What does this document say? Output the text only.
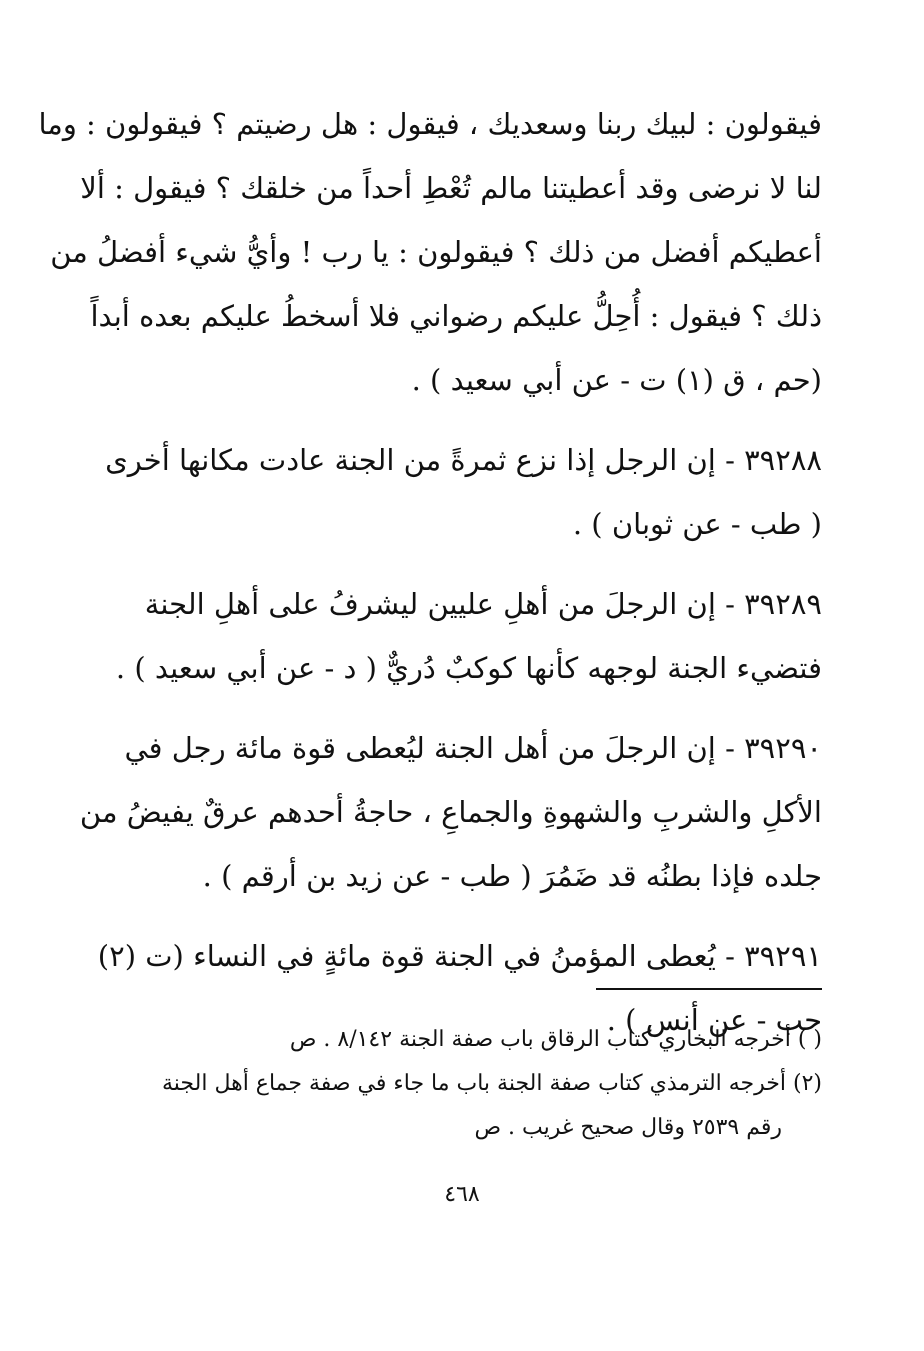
فيقولون : لبيك ربنا وسعديك ، فيقول : هل رضيتم ؟ فيقولون : وما
لنا لا نرضى وقد أعطيتنا مالم تُعْطِ أحداً من خلقك ؟ فيقول : ألا
أعطيكم أفضل من ذلك ؟ فيقولون : يا رب ! وأيُّ شيء أفضلُ من
ذلك ؟ فيقول : أُحِلُّ عليكم رضواني فلا أسخطُ عليكم بعده أبداً
(حم ، ق (١) ت - عن أبي سعيد ) .

٣٩٢٨٨ - إن الرجل إذا نزع ثمرةً من الجنة عادت مكانها أخرى
( طب - عن ثوبان ) .

٣٩٢٨٩ - إن الرجلَ من أهلِ عليين ليشرفُ على أهلِ الجنة
فتضيء الجنة لوجهه كأنها كوكبٌ دُريٌّ ( د - عن أبي سعيد ) .

٣٩٢٩٠ - إن الرجلَ من أهل الجنة ليُعطى قوة مائة رجل في
الأكلِ والشربِ والشهوةِ والجماعِ ، حاجةُ أحدهم عرقٌ يفيضُ من
جلده فإذا بطنُه قد ضَمُرَ ( طب - عن زيد بن أرقم ) .

٣٩٢٩١ - يُعطى المؤمنُ في الجنة قوة مائةٍ في النساء (ت (٢)
حب - عن أنس ) .

( ) أخرجه البخاري كتاب الرقاق باب صفة الجنة ٨/١٤٢ . ص
(٢) أخرجه الترمذي كتاب صفة الجنة باب ما جاء في صفة جماع أهل الجنة
رقم ٢٥٣٩ وقال صحيح غريب . ص
٤٦٨
